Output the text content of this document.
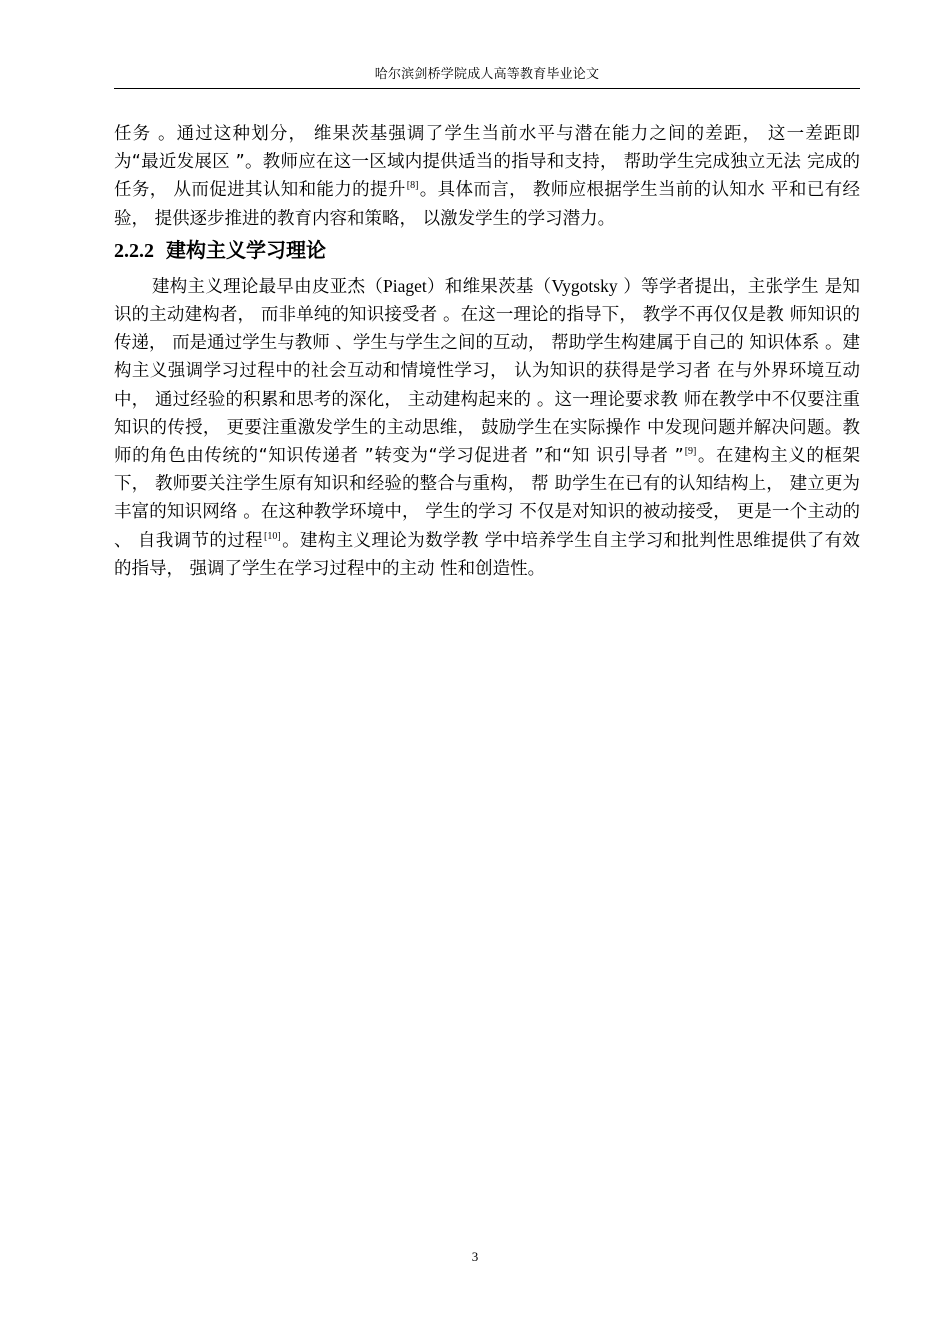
哈尔滨剑桥学院成人高等教育毕业论文

任务 。通过这种划分， 维果茨基强调了学生当前水平与潜在能力之间的差距， 这一差距即 为“最近发展区 ”。教师应在这一区域内提供适当的指导和支持， 帮助学生完成独立无法 完成的任务， 从而促进其认知和能力的提升[8]。具体而言， 教师应根据学生当前的认知水 平和已有经验， 提供逐步推进的教育内容和策略， 以激发学生的学习潜力。

2.2.2 建构主义学习理论

建构主义理论最早由皮亚杰（Piaget）和维果茨基（Vygotsky ）等学者提出，主张学生 是知识的主动建构者， 而非单纯的知识接受者 。在这一理论的指导下， 教学不再仅仅是教 师知识的传递， 而是通过学生与教师 、学生与学生之间的互动， 帮助学生构建属于自己的 知识体系 。建构主义强调学习过程中的社会互动和情境性学习， 认为知识的获得是学习者 在与外界环境互动中， 通过经验的积累和思考的深化， 主动建构起来的 。这一理论要求教 师在教学中不仅要注重知识的传授， 更要注重激发学生的主动思维， 鼓励学生在实际操作 中发现问题并解决问题。教师的角色由传统的“知识传递者 ”转变为“学习促进者 ”和“知 识引导者 ”[9]。在建构主义的框架下， 教师要关注学生原有知识和经验的整合与重构， 帮 助学生在已有的认知结构上， 建立更为丰富的知识网络 。在这种教学环境中， 学生的学习 不仅是对知识的被动接受， 更是一个主动的 、 自我调节的过程[10]。建构主义理论为数学教 学中培养学生自主学习和批判性思维提供了有效的指导， 强调了学生在学习过程中的主动 性和创造性。

3
